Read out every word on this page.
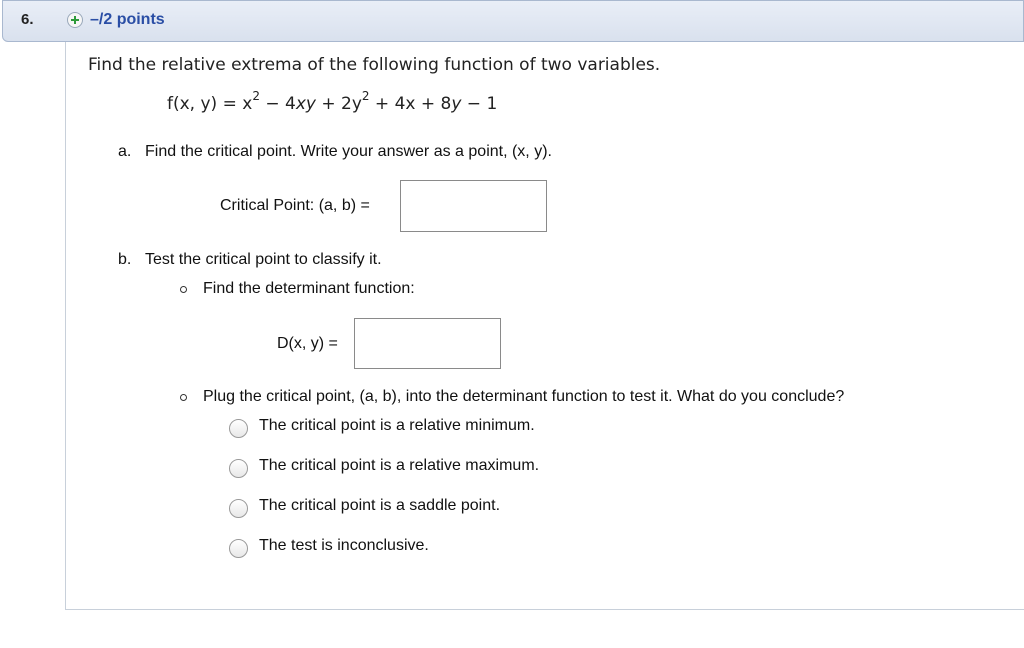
6.	–/2 points
Find the relative extrema of the following function of two variables.
f(x, $y) = x^2 - 4xy + 2y^2 + 4x + 8y - 1$
a. Find the critical point. Write your answer as a point, (x, y).
Critical Point: (a, b) =
b. Test the critical point to classify it.
Find the determinant function:
D(x, y) =
Plug the critical point, (a, b), into the determinant function to test it. What do you conclude?
The critical point is a relative minimum.
The critical point is a relative maximum.
The critical point is a saddle point.
The test is inconclusive.
